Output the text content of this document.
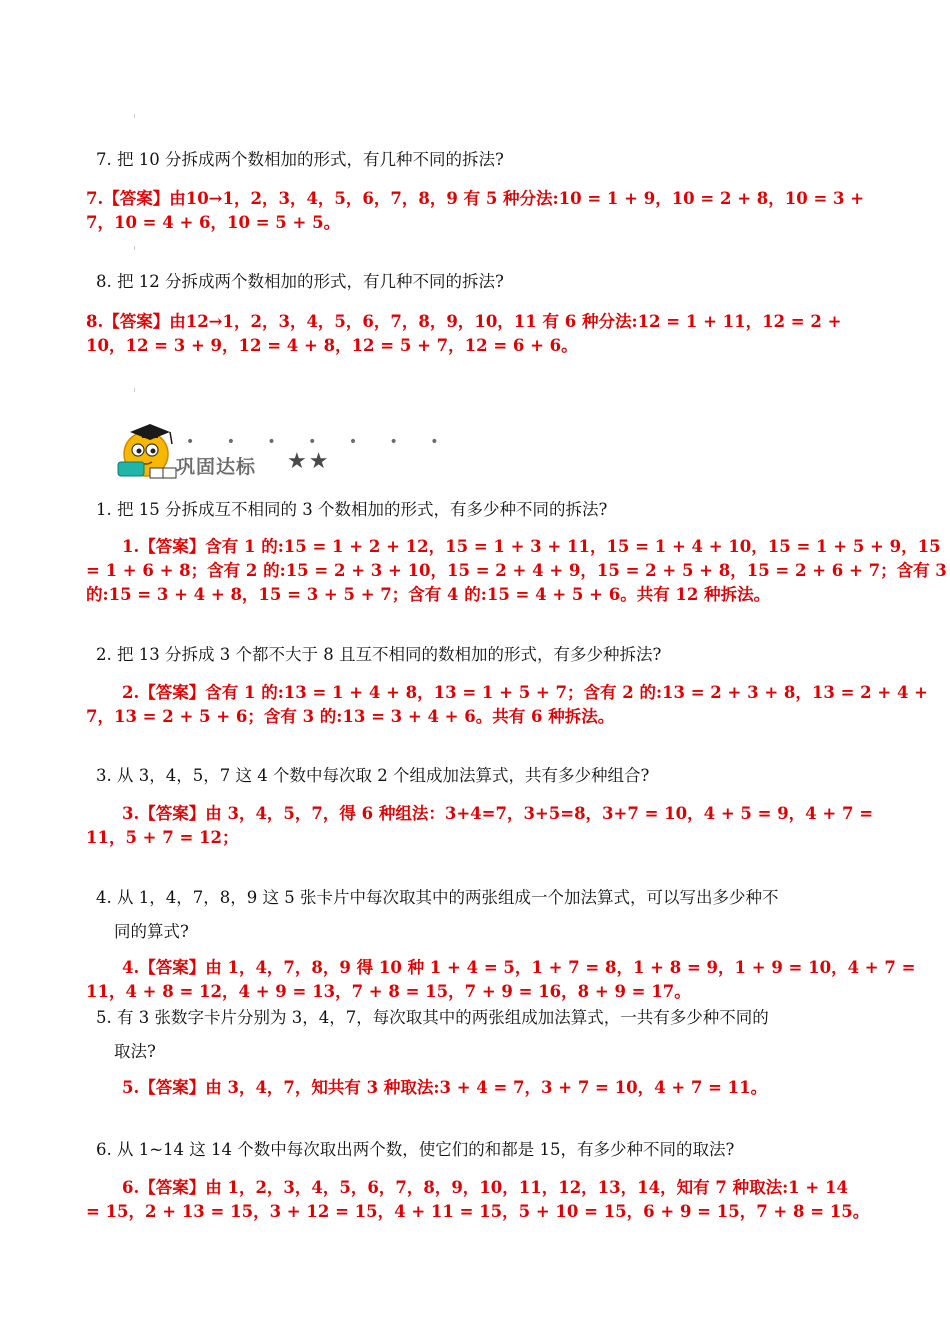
7. 把 10 分拆成两个数相加的形式，有几种不同的拆法?
7.【答案】由10→1，2，3，4，5，6，7，8，9 有 5 种分法:10 = 1 + 9，10 = 2 + 8，10 = 3 +
7，10 = 4 + 6，10 = 5 + 5。
8. 把 12 分拆成两个数相加的形式，有几种不同的拆法?
8.【答案】由12→1，2，3，4，5，6，7，8，9，10，11 有 6 种分法:12 = 1 + 11，12 = 2 +
10，12 = 3 + 9，12 = 4 + 8，12 = 5 + 7，12 = 6 + 6。
• • • • • • •
巩固达标 ★★
1. 把 15 分拆成互不相同的 3 个数相加的形式，有多少种不同的拆法?
1.【答案】含有 1 的:15 = 1 + 2 + 12，15 = 1 + 3 + 11，15 = 1 + 4 + 10，15 = 1 + 5 + 9，15
= 1 + 6 + 8；含有 2 的:15 = 2 + 3 + 10，15 = 2 + 4 + 9，15 = 2 + 5 + 8，15 = 2 + 6 + 7；含有 3
的:15 = 3 + 4 + 8，15 = 3 + 5 + 7；含有 4 的:15 = 4 + 5 + 6。共有 12 种拆法。
2. 把 13 分拆成 3 个都不大于 8 且互不相同的数相加的形式，有多少种拆法?
2.【答案】含有 1 的:13 = 1 + 4 + 8，13 = 1 + 5 + 7；含有 2 的:13 = 2 + 3 + 8，13 = 2 + 4 +
7，13 = 2 + 5 + 6；含有 3 的:13 = 3 + 4 + 6。共有 6 种拆法。
3. 从 3，4，5，7 这 4 个数中每次取 2 个组成加法算式，共有多少种组合?
3.【答案】由 3，4，5，7，得 6 种组法：3+4=7，3+5=8，3+7 = 10，4 + 5 = 9，4 + 7 =
11，5 + 7 = 12；
4. 从 1，4，7，8，9 这 5 张卡片中每次取其中的两张组成一个加法算式，可以写出多少种不
同的算式?
4.【答案】由 1，4，7，8，9 得 10 种 1 + 4 = 5，1 + 7 = 8，1 + 8 = 9，1 + 9 = 10，4 + 7 =
11，4 + 8 = 12，4 + 9 = 13，7 + 8 = 15，7 + 9 = 16，8 + 9 = 17。
5. 有 3 张数字卡片分别为 3，4，7，每次取其中的两张组成加法算式，一共有多少种不同的
取法?
5.【答案】由 3，4，7，知共有 3 种取法:3 + 4 = 7，3 + 7 = 10，4 + 7 = 11。
6. 从 1~14 这 14 个数中每次取出两个数，使它们的和都是 15，有多少种不同的取法?
6.【答案】由 1，2，3，4，5，6，7，8，9，10，11，12，13，14，知有 7 种取法:1 + 14
= 15，2 + 13 = 15，3 + 12 = 15，4 + 11 = 15，5 + 10 = 15，6 + 9 = 15，7 + 8 = 15。
